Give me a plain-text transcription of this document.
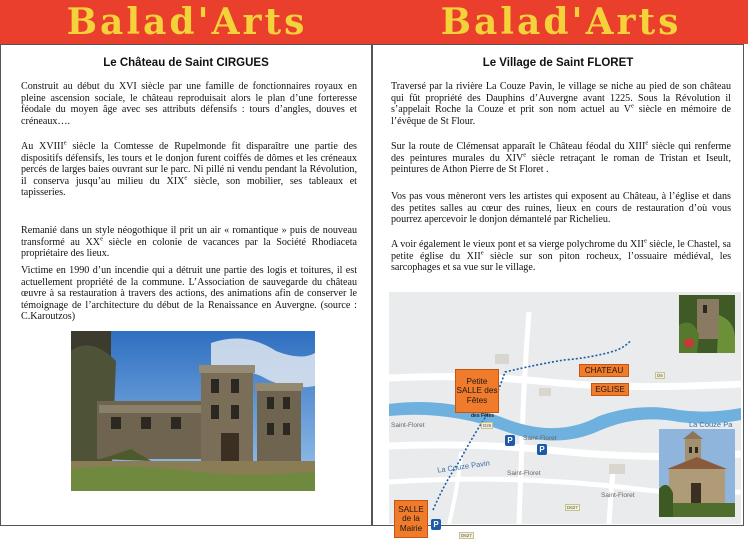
Balad'Arts	Balad'Arts
Le Château de Saint CIRGUES

Construit au début du XVI siècle par une famille de fonctionnaires royaux en pleine ascension sociale, le château reproduisait alors le plan d’une forteresse féodale du moyen âge avec ses attributs défensifs : tours d’angles, douves et créneaux….

Au XVIIIe siècle la Comtesse de Rupelmonde fit disparaître une partie des dispositifs défensifs, les tours et le donjon furent coiffés de dômes et les créneaux percés de larges baies ouvrant sur le parc. Ni pillé ni vendu pendant la Révolution, il conserva jusqu’au milieu du XIXe siècle, son mobilier, ses tableaux et tapisseries.

Remanié dans un style néogothique il prit un air « romantique » puis de nouveau transformé au XXe siècle en colonie de vacances par la Société Rhodiaceta propriétaire des lieux.

Victime en 1990 d’un incendie qui a détruit une partie des logis et toitures, il est actuellement propriété de la commune. L’Association de sauvegarde du château œuvre à sa restauration à travers des actions, des animations afin de conserver le témoignage de l’architecture du début de la Renaissance en Auvergne. (source : C.Karoutzos)

Le Village de Saint FLORET

Traversé par la rivière La Couze Pavin, le village se niche au pied de son château qui fût propriété des Dauphins d’Auvergne avant 1225. Sous la Révolution il s’appelait Roche la Couze et prit son nom actuel au Ve siècle en mémoire de l’évêque de St Flour.

Sur la route de Clémensat apparaît le Château féodal du XIIIe siècle qui renferme des peintures murales du XIVe siècle retraçant le roman de Tristan et Iseult, peintures de Athon Pierre de St Floret .

Vos pas vous mèneront vers les artistes qui exposent au Château, à l’église et dans des petites salles au cœur des ruines, lieux en cours de restauration d’où vous pourrez apercevoir le donjon démantelé par Richelieu.

A voir également le vieux pont et sa vierge polychrome du XIIe siècle, le Chastel, sa petite église du XIIe siècle sur son piton rocheux, l’ossuaire médiéval, les sarcophages et sa vue sur le village.

Petite SALLE des Fêtes
des Fêtes
CHATEAU
EGLISE
SALLE de la Mairie
Saint-Floret
Saint-Floret
Saint-Floret
Saint-Floret
La Couze Pavin
La Couze Pa
P
P
P
D26
D627
D6
D627
